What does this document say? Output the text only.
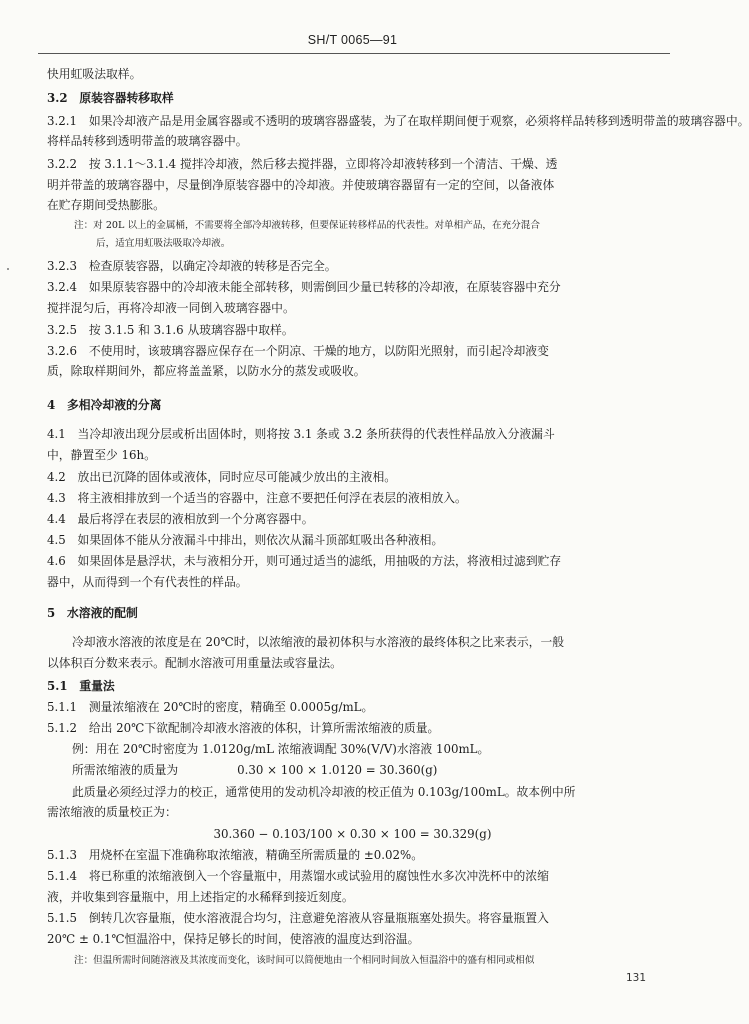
SH/T 0065—91
快用虹吸法取样。
3.2　原装容器转移取样
3.2.1　如果冷却液产品是用金属容器或不透明的玻璃容器盛装，为了在取样期间便于观察，必须将样品转移到透明带盖的玻璃容器中。
将样品转移到透明带盖的玻璃容器中。
3.2.2　按 3.1.1～3.1.4 搅拌冷却液，然后移去搅拌器，立即将冷却液转移到一个清洁、干燥、透
明并带盖的玻璃容器中，尽量倒净原装容器中的冷却液。并使玻璃容器留有一定的空间，以备液体
在贮存期间受热膨胀。
注：对 20L 以上的金属桶，不需要将全部冷却液转移，但要保证转移样品的代表性。对单相产品，在充分混合
后，适宜用虹吸法吸取冷却液。
3.2.3　检查原装容器，以确定冷却液的转移是否完全。
3.2.4　如果原装容器中的冷却液未能全部转移，则需倒回少量已转移的冷却液，在原装容器中充分
搅拌混匀后，再将冷却液一同倒入玻璃容器中。
3.2.5　按 3.1.5 和 3.1.6 从玻璃容器中取样。
3.2.6　不使用时，该玻璃容器应保存在一个阴凉、干燥的地方，以防阳光照射，而引起冷却液变
质，除取样期间外，都应将盖盖紧，以防水分的蒸发或吸收。
4　多相冷却液的分离
4.1　当冷却液出现分层或析出固体时，则将按 3.1 条或 3.2 条所获得的代表性样品放入分液漏斗
中，静置至少 16h。
4.2　放出已沉降的固体或液体，同时应尽可能减少放出的主液相。
4.3　将主液相排放到一个适当的容器中，注意不要把任何浮在表层的液相放入。
4.4　最后将浮在表层的液相放到一个分离容器中。
4.5　如果固体不能从分液漏斗中排出，则依次从漏斗顶部虹吸出各种液相。
4.6　如果固体是悬浮状，未与液相分开，则可通过适当的滤纸，用抽吸的方法，将液相过滤到贮存
器中，从而得到一个有代表性的样品。
5　水溶液的配制
冷却液水溶液的浓度是在 20℃时，以浓缩液的最初体积与水溶液的最终体积之比来表示，一般
以体积百分数来表示。配制水溶液可用重量法或容量法。
5.1　重量法
5.1.1　测量浓缩液在 20℃时的密度，精确至 0.0005g/mL。
5.1.2　给出 20℃下欲配制冷却液水溶液的体积，计算所需浓缩液的质量。
例：用在 20℃时密度为 1.0120g/mL 浓缩液调配 30%(V/V)水溶液 100mL。
所需浓缩液的质量为　　　　　0.30 × 100 × 1.0120 = 30.360(g)
此质量必须经过浮力的校正，通常使用的发动机冷却液的校正值为 0.103g/100mL。故本例中所
需浓缩液的质量校正为：
30.360 − 0.103/100 × 0.30 × 100 = 30.329(g)
5.1.3　用烧杯在室温下准确称取浓缩液，精确至所需质量的 ±0.02%。
5.1.4　将已称重的浓缩液倒入一个容量瓶中，用蒸馏水或试验用的腐蚀性水多次冲洗杯中的浓缩
液，并收集到容量瓶中，用上述指定的水稀释到接近刻度。
5.1.5　倒转几次容量瓶，使水溶液混合均匀，注意避免溶液从容量瓶瓶塞处损失。将容量瓶置入
20℃ ± 0.1℃恒温浴中，保持足够长的时间，使溶液的温度达到浴温。
注：但温所需时间随溶液及其浓度而变化，该时间可以简便地由一个相同时间放入恒温浴中的盛有相同或相似
131
